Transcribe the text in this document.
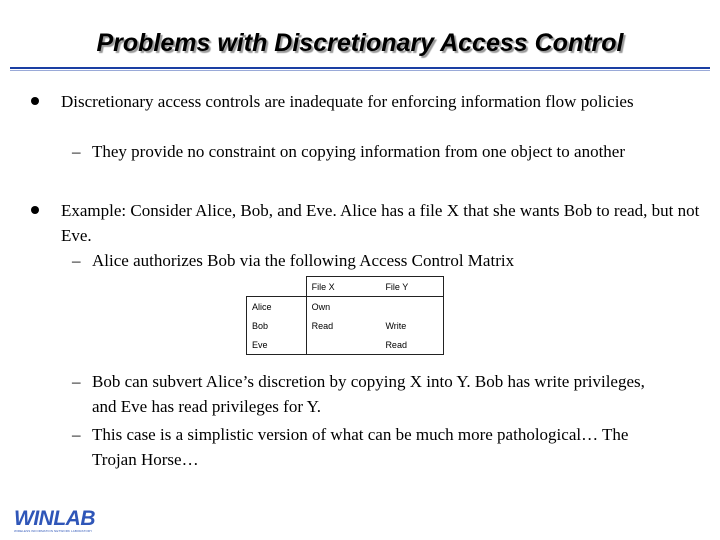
Problems with Discretionary Access Control

Discretionary access controls are inadequate for enforcing information flow policies

– They provide no constraint on copying information from one object to another

Example: Consider Alice, Bob, and Eve. Alice has a file X that she wants Bob to read, but not Eve.

– Alice authorizes Bob via the following Access Control Matrix

	File X	File Y
Alice	Own	
Bob	Read	Write
Eve		Read
– Bob can subvert Alice’s discretion by copying X into Y. Bob has write privileges, and Eve has read privileges for Y.

– This case is a simplistic version of what can be much more pathological… The Trojan Horse…

WINLAB
WIRELESS INFORMATION NETWORK LABORATORY
